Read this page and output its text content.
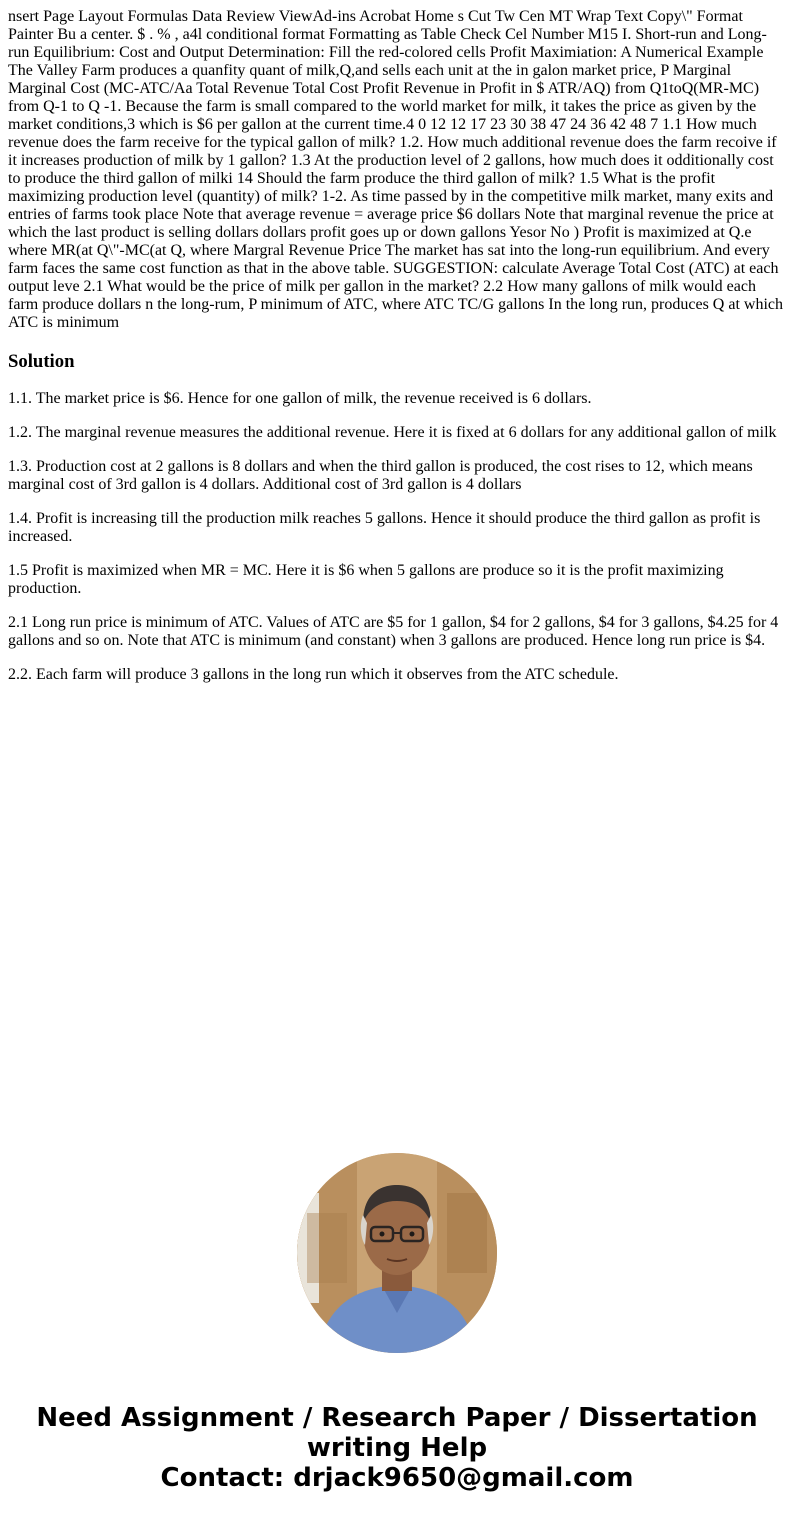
nsert Page Layout Formulas Data Review ViewAd-ins Acrobat Home s Cut Tw Cen MT Wrap Text Copy\" Format Painter Bu a center. $ . % , a4l conditional format Formatting as Table Check Cel Number M15 I. Short-run and Long-run Equilibrium: Cost and Output Determination: Fill the red-colored cells Profit Maximiation: A Numerical Example The Valley Farm produces a quanfity quant of milk,Q,and sells each unit at the in galon market price, P Marginal Marginal Cost (MC-ATC/Aa Total Revenue Total Cost Profit Revenue in Profit in $ ATR/AQ) from Q1toQ(MR-MC) from Q-1 to Q -1. Because the farm is small compared to the world market for milk, it takes the price as given by the market conditions,3 which is $6 per gallon at the current time.4 0 12 12 17 23 30 38 47 24 36 42 48 7 1.1 How much revenue does the farm receive for the typical gallon of milk? 1.2. How much additional revenue does the farm recoive if it increases production of milk by 1 gallon? 1.3 At the production level of 2 gallons, how much does it odditionally cost to produce the third gallon of milki 14 Should the farm produce the third gallon of milk? 1.5 What is the profit maximizing production level (quantity) of milk? 1-2. As time passed by in the competitive milk market, many exits and entries of farms took place Note that average revenue = average price $6 dollars Note that marginal revenue the price at which the last product is selling dollars dollars profit goes up or down gallons Yesor No ) Profit is maximized at Q.e where MR(at Q\"-MC(at Q, where Margral Revenue Price The market has sat into the long-run equilibrium. And every farm faces the same cost function as that in the above table. SUGGESTION: calculate Average Total Cost (ATC) at each output leve 2.1 What would be the price of milk per gallon in the market? 2.2 How many gallons of milk would each farm produce dollars n the long-rum, P minimum of ATC, where ATC TC/G gallons In the long run, produces Q at which ATC is minimum

Solution

1.1. The market price is $6. Hence for one gallon of milk, the revenue received is 6 dollars.

1.2. The marginal revenue measures the additional revenue. Here it is fixed at 6 dollars for any additional gallon of milk

1.3. Production cost at 2 gallons is 8 dollars and when the third gallon is produced, the cost rises to 12, which means marginal cost of 3rd gallon is 4 dollars. Additional cost of 3rd gallon is 4 dollars

1.4. Profit is increasing till the production milk reaches 5 gallons. Hence it should produce the third gallon as profit is increased.

1.5 Profit is maximized when MR = MC. Here it is $6 when 5 gallons are produce so it is the profit maximizing production.

2.1 Long run price is minimum of ATC. Values of ATC are $5 for 1 gallon, $4 for 2 gallons, $4 for 3 gallons, $4.25 for 4 gallons and so on. Note that ATC is minimum (and constant) when 3 gallons are produced. Hence long run price is $4.

2.2. Each farm will produce 3 gallons in the long run which it observes from the ATC schedule.

Need Assignment / Research Paper / Dissertation
writing Help
Contact: drjack9650@gmail.com
